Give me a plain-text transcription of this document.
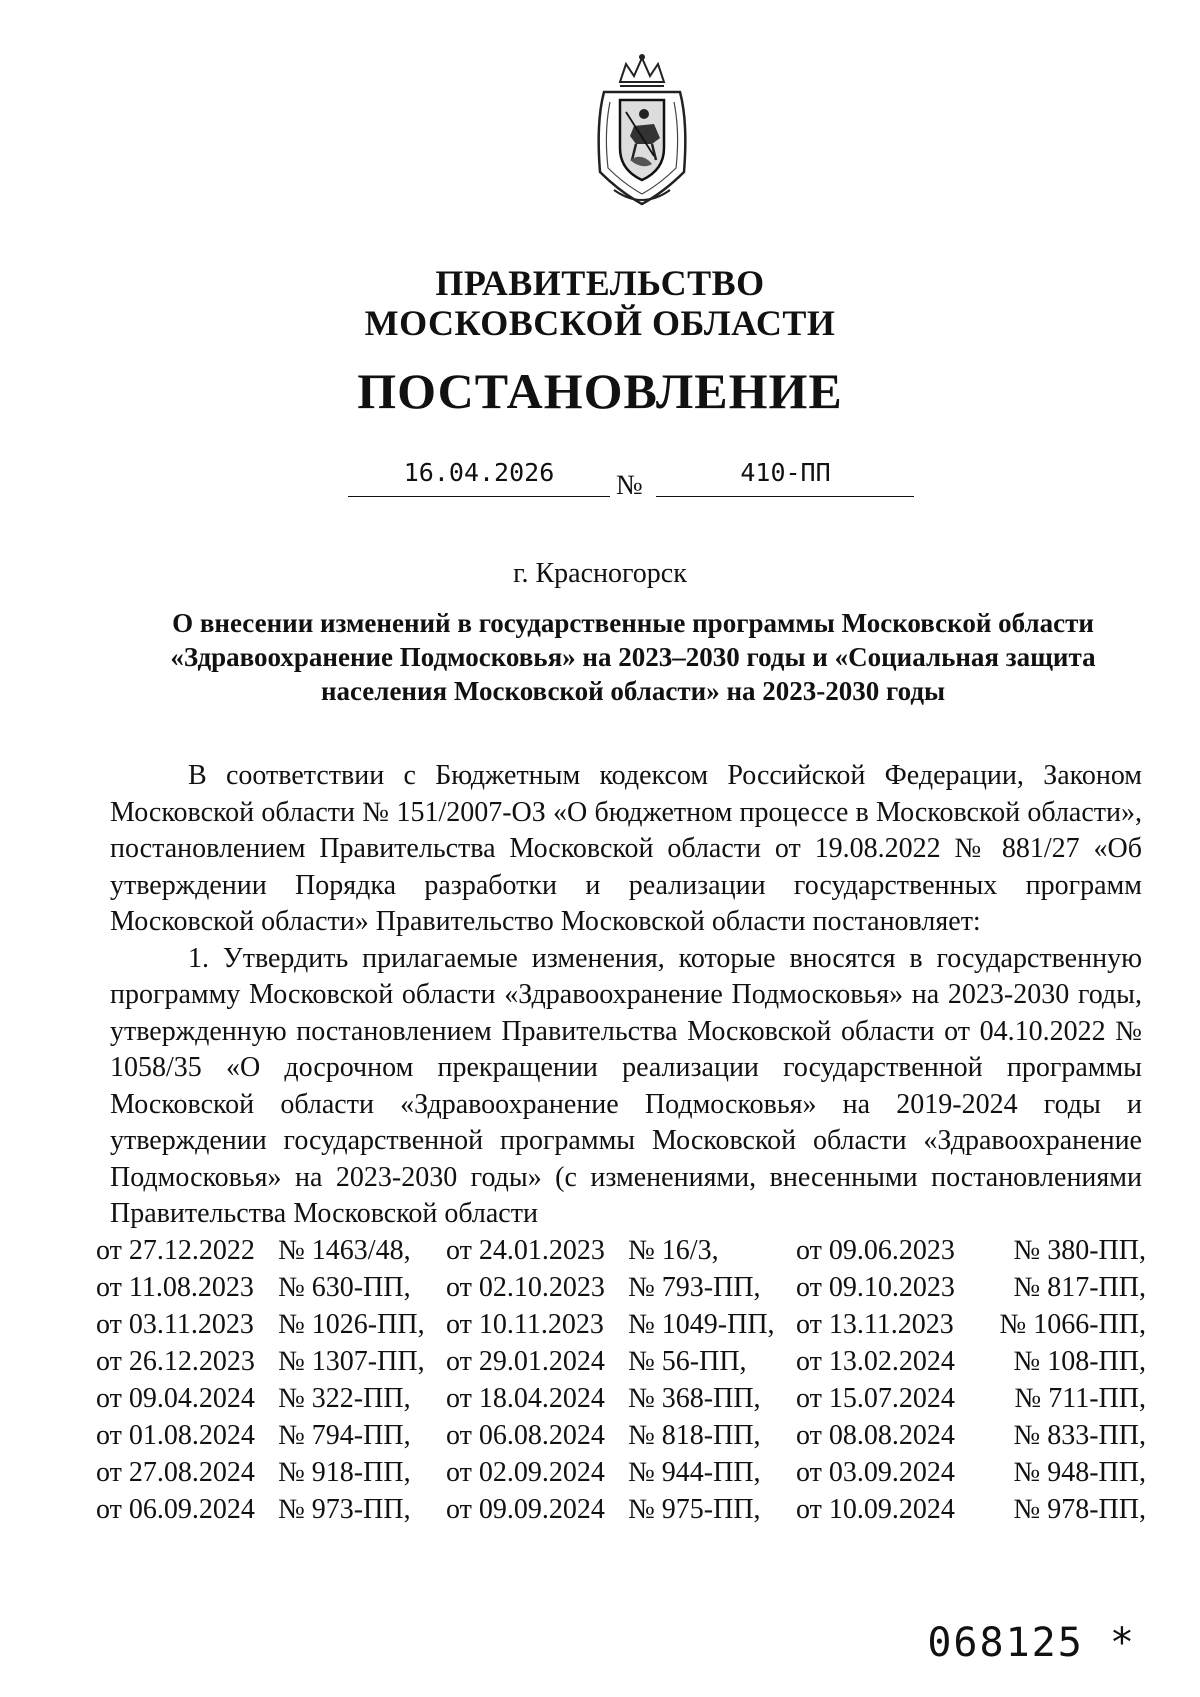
ПРАВИТЕЛЬСТВО
МОСКОВСКОЙ ОБЛАСТИ
ПОСТАНОВЛЕНИЕ
16.04.2026	№	410-ПП
г. Красногорск
О внесении изменений в государственные программы Московской области «Здравоохранение Подмосковья» на 2023–2030 годы и «Социальная защита населения Московской области» на 2023-2030 годы

В соответствии с Бюджетным кодексом Российской Федерации, Законом Московской области № 151/2007-ОЗ «О бюджетном процессе в Московской области», постановлением Правительства Московской области от 19.08.2022 № 881/27 «Об утверждении Порядка разработки и реализации государственных программ Московской области» Правительство Московской области постановляет:

1. Утвердить прилагаемые изменения, которые вносятся в государственную программу Московской области «Здравоохранение Подмосковья» на 2023-2030 годы, утвержденную постановлением Правительства Московской области от 04.10.2022 № 1058/35 «О досрочном прекращении реализации государственной программы Московской области «Здравоохранение Подмосковья» на 2019-2024 годы и утверждении государственной программы Московской области «Здравоохранение Подмосковья» на 2023-2030 годы» (с изменениями, внесенными постановлениями Правительства Московской области

от 27.12.2022	№ 1463/48,	от 24.01.2023	№ 16/3,	от 09.06.2023	№ 380-ПП,
от 11.08.2023	№ 630-ПП,	от 02.10.2023	№ 793-ПП,	от 09.10.2023	№ 817-ПП,
от 03.11.2023	№ 1026-ПП,	от 10.11.2023	№ 1049-ПП,	от 13.11.2023	№ 1066-ПП,
от 26.12.2023	№ 1307-ПП,	от 29.01.2024	№ 56-ПП,	от 13.02.2024	№ 108-ПП,
от 09.04.2024	№ 322-ПП,	от 18.04.2024	№ 368-ПП,	от 15.07.2024	№ 711-ПП,
от 01.08.2024	№ 794-ПП,	от 06.08.2024	№ 818-ПП,	от 08.08.2024	№ 833-ПП,
от 27.08.2024	№ 918-ПП,	от 02.09.2024	№ 944-ПП,	от 03.09.2024	№ 948-ПП,
от 06.09.2024	№ 973-ПП,	от 09.09.2024	№ 975-ПП,	от 10.09.2024	№ 978-ПП,
068125 *
